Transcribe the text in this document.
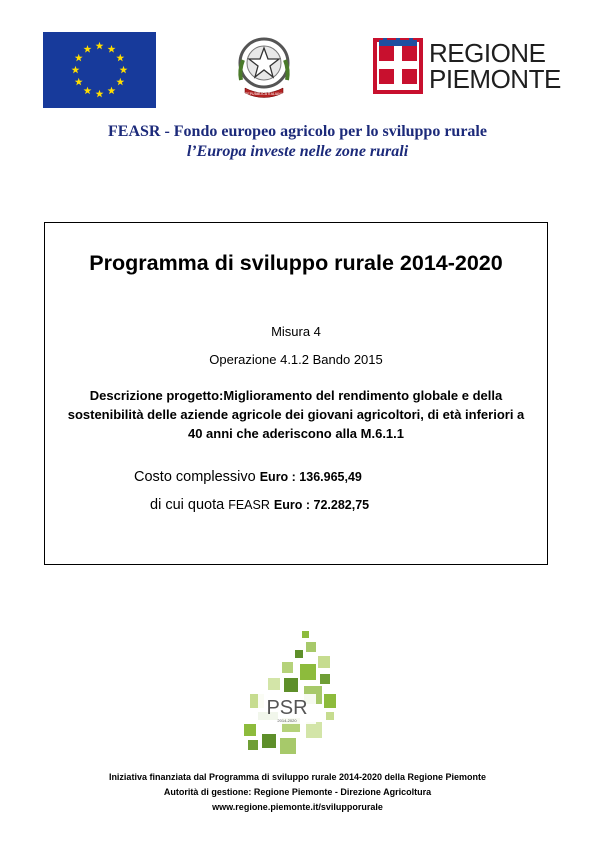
REPUBBLICA ITALIANA
REGIONE
PIEMONTE
FEASR - Fondo europeo agricolo per lo sviluppo rurale
l’Europa investe nelle zone rurali
Programma di sviluppo rurale 2014-2020
Misura 4
Operazione 4.1.2 Bando 2015
Descrizione progetto:Miglioramento del rendimento globale e della sostenibilità delle aziende agricole dei giovani agricoltori, di età inferiori a 40 anni che aderiscono alla M.6.1.1
Costo complessivo Euro : 136.965,49
di cui quota FEASR Euro : 72.282,75
PSR
2014-2020
Iniziativa finanziata dal Programma di sviluppo rurale 2014-2020 della Regione Piemonte
Autorità di gestione: Regione Piemonte - Direzione Agricoltura
www.regione.piemonte.it/svilupporurale
